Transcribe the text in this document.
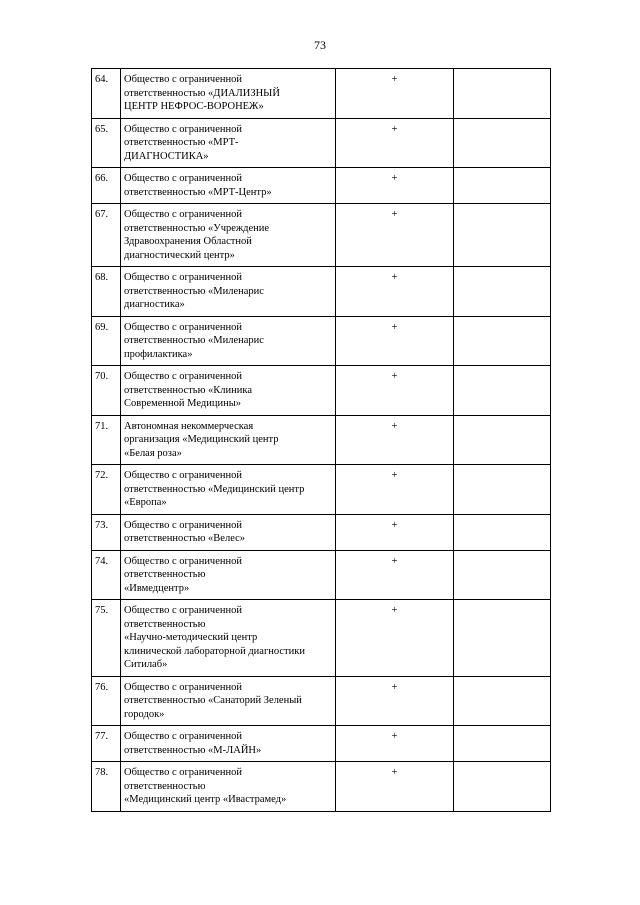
73
64.	Общество с ограниченной
ответственностью «ДИАЛИЗНЫЙ
ЦЕНТР НЕФРОС-ВОРОНЕЖ»	+	
65.	Общество с ограниченной
ответственностью «МРТ-
ДИАГНОСТИКА»	+	
66.	Общество с ограниченной
ответственностью «МРТ-Центр»	+	
67.	Общество с ограниченной
ответственностью «Учреждение
Здравоохранения Областной
диагностический центр»	+	
68.	Общество с ограниченной
ответственностью «Миленарис
диагностика»	+	
69.	Общество с ограниченной
ответственностью «Миленарис
профилактика»	+	
70.	Общество с ограниченной
ответственностью «Клиника
Современной Медицины»	+	
71.	Автономная некоммерческая
организация «Медицинский центр
«Белая роза»	+	
72.	Общество с ограниченной
ответственностью «Медицинский центр
«Европа»	+	
73.	Общество с ограниченной
ответственностью «Велес»	+	
74.	Общество с ограниченной
ответственностью
«Ивмедцентр»	+	
75.	Общество с ограниченной
ответственностью
«Научно-методический центр
клинической лабораторной диагностики
Ситилаб»	+	
76.	Общество с ограниченной
ответственностью «Санаторий Зеленый
городок»	+	
77.	Общество с ограниченной
ответственностью «М-ЛАЙН»	+	
78.	Общество с ограниченной
ответственностью
«Медицинский центр «Ивастрамед»	+	
